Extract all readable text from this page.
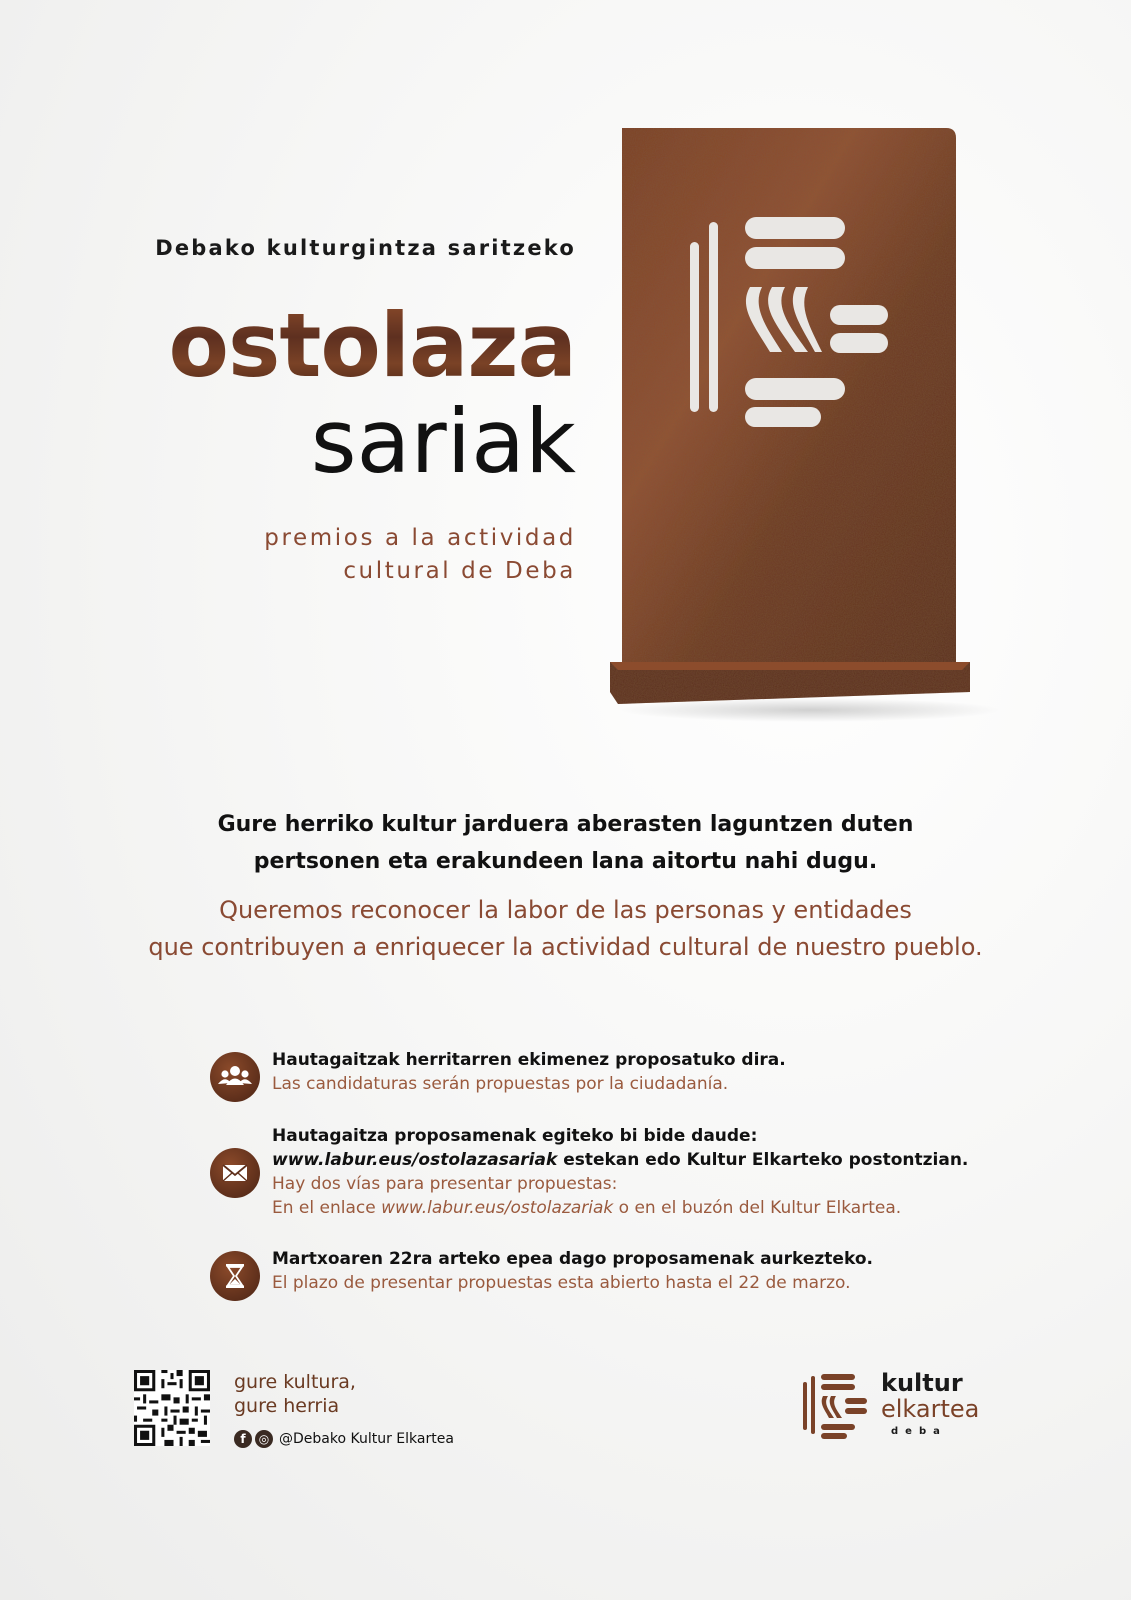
Debako kulturgintza saritzeko
ostolaza
sariak
premios a la actividad
cultural de Deba
Gure herriko kultur jarduera aberasten laguntzen duten
pertsonen eta erakundeen lana aitortu nahi dugu.
Queremos reconocer la labor de las personas y entidades
que contribuyen a enriquecer la actividad cultural de nuestro pueblo.
Hautagaitzak herritarren ekimenez proposatuko dira.
Las candidaturas serán propuestas por la ciudadanía.
Hautagaitza proposamenak egiteko bi bide daude:
www.labur.eus/ostolazasariak estekan edo Kultur Elkarteko postontzian.
Hay dos vías para presentar propuestas:
En el enlace www.labur.eus/ostolazariak o en el buzón del Kultur Elkartea.
Martxoaren 22ra arteko epea dago proposamenak aurkezteko.
El plazo de presentar propuestas esta abierto hasta el 22 de marzo.
gure kultura,
gure herria
f ◎ @Debako Kultur Elkartea
kultur
elkartea
deba
